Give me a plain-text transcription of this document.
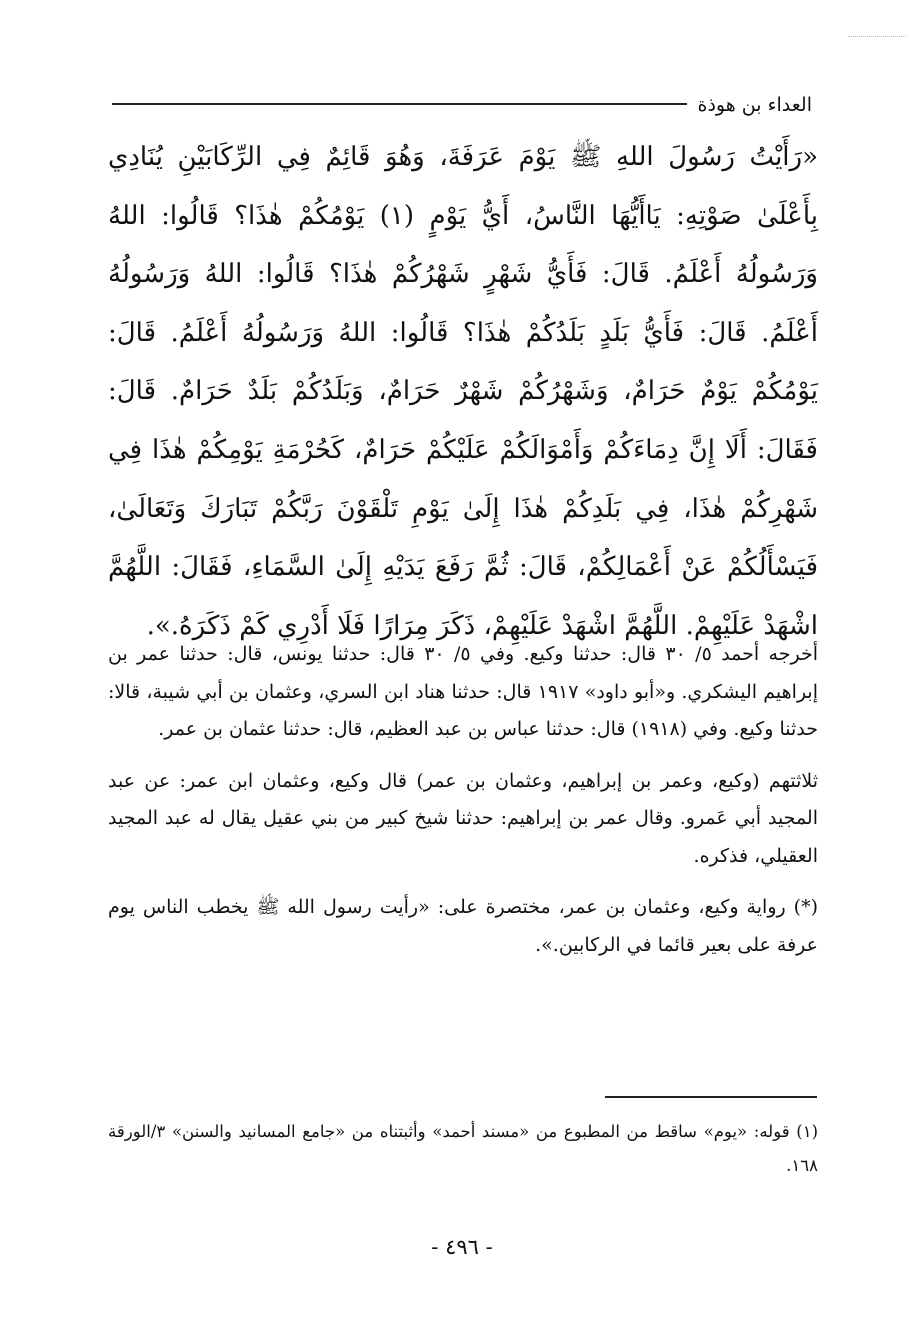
العداء بن هوذة

«رَأَيْتُ رَسُولَ اللهِ ﷺ يَوْمَ عَرَفَةَ، وَهُوَ قَائِمٌ فِي الرِّكَابَيْنِ يُنَادِي بِأَعْلَىٰ صَوْتِهِ: يَاأَيُّهَا النَّاسُ، أَيُّ يَوْمٍ (١) يَوْمُكُمْ هٰذَا؟ قَالُوا: اللهُ وَرَسُولُهُ أَعْلَمُ. قَالَ: فَأَيُّ شَهْرٍ شَهْرُكُمْ هٰذَا؟ قَالُوا: اللهُ وَرَسُولُهُ أَعْلَمُ. قَالَ: فَأَيُّ بَلَدٍ بَلَدُكُمْ هٰذَا؟ قَالُوا: اللهُ وَرَسُولُهُ أَعْلَمُ. قَالَ: يَوْمُكُمْ يَوْمٌ حَرَامٌ، وَشَهْرُكُمْ شَهْرٌ حَرَامٌ، وَبَلَدُكُمْ بَلَدٌ حَرَامٌ. قَالَ: فَقَالَ: أَلَا إِنَّ دِمَاءَكُمْ وَأَمْوَالَكُمْ عَلَيْكُمْ حَرَامٌ، كَحُرْمَةِ يَوْمِكُمْ هٰذَا فِي شَهْرِكُمْ هٰذَا، فِي بَلَدِكُمْ هٰذَا إِلَىٰ يَوْمِ تَلْقَوْنَ رَبَّكُمْ تَبَارَكَ وَتَعَالَىٰ، فَيَسْأَلُكُمْ عَنْ أَعْمَالِكُمْ، قَالَ: ثُمَّ رَفَعَ يَدَيْهِ إِلَىٰ السَّمَاءِ، فَقَالَ: اللَّهُمَّ اشْهَدْ عَلَيْهِمْ. اللَّهُمَّ اشْهَدْ عَلَيْهِمْ، ذَكَرَ مِرَارًا فَلَا أَدْرِي كَمْ ذَكَرَهُ.».

أخرجه أحمد ٥/ ٣٠ قال: حدثنا وكيع. وفي ٥/ ٣٠ قال: حدثنا يونس، قال: حدثنا عمر بن إبراهيم اليشكري. و«أبو داود» ١٩١٧ قال: حدثنا هناد ابن السري، وعثمان بن أبي شيبة، قالا: حدثنا وكيع. وفي (١٩١٨) قال: حدثنا عباس بن عبد العظيم، قال: حدثنا عثمان بن عمر.

ثلاثتهم (وكيع، وعمر بن إبراهيم، وعثمان بن عمر) قال وكيع، وعثمان ابن عمر: عن عبد المجيد أبي عَمرو. وقال عمر بن إبراهيم: حدثنا شيخ كبير من بني عقيل يقال له عبد المجيد العقيلي، فذكره.

(*) رواية وكيع، وعثمان بن عمر، مختصرة على: «رأيت رسول الله ﷺ يخطب الناس يوم عرفة على بعير قائما في الركابين.».

(١) قوله: «يوم» ساقط من المطبوع من «مسند أحمد» وأثبتناه من «جامع المسانيد والسنن» ٣/الورقة ١٦٨.

- ٤٩٦ -
